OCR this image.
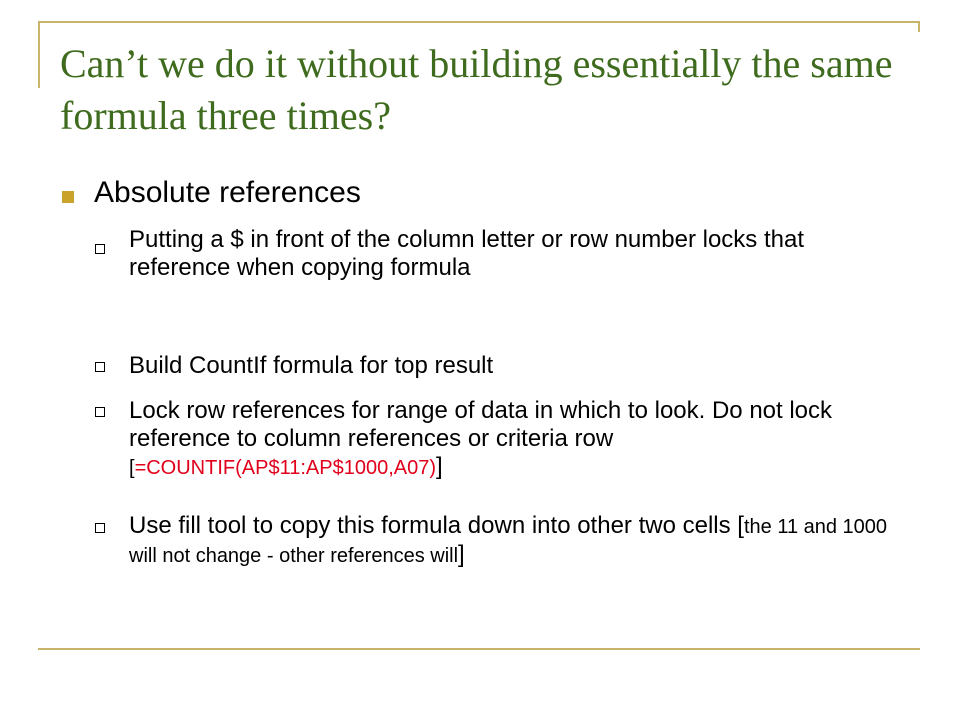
Can’t we do it without building essentially the same formula three times?

Absolute references

Putting a $ in front of the column letter or row number locks that reference when copying formula

Build CountIf formula for top result

Lock row references for range of data in which to look. Do not lock reference to column references or criteria row [=COUNTIF(AP$11:AP$1000,A07)]

Use fill tool to copy this formula down into other two cells [the 11 and 1000 will not change - other references will]
